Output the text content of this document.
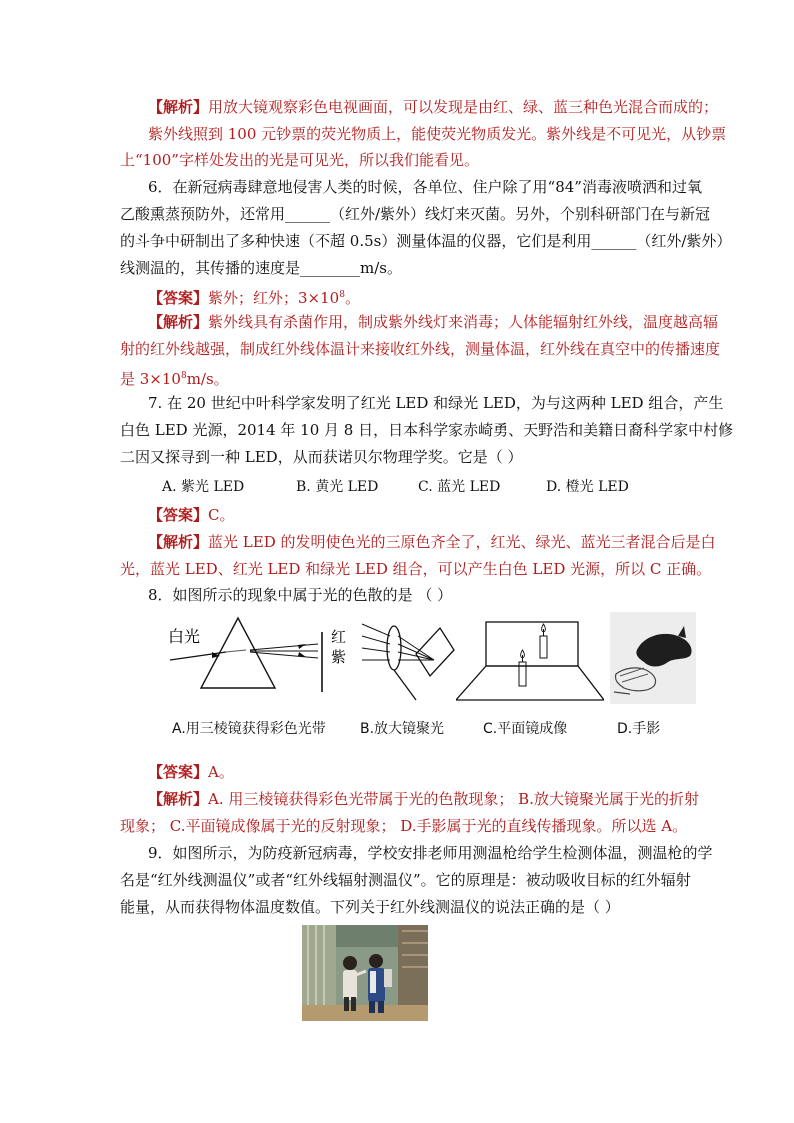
【解析】用放大镜观察彩色电视画面，可以发现是由红、绿、蓝三种色光混合而成的；
紫外线照到 100 元钞票的荧光物质上，能使荧光物质发光。紫外线是不可见光，从钞票
上“100”字样处发出的光是可见光，所以我们能看见。
6．在新冠病毒肆意地侵害人类的时候，各单位、住户除了用“84”消毒液喷洒和过氧
乙酸熏蒸预防外，还常用______（红外/紫外）线灯来灭菌。另外，个别科研部门在与新冠
的斗争中研制出了多种快速（不超 0.5s）测量体温的仪器，它们是利用______（红外/紫外）
线测温的，其传播的速度是________m/s。
【答案】紫外；红外；$3\times 10^8$。
【解析】紫外线具有杀菌作用，制成紫外线灯来消毒；人体能辐射红外线，温度越高辐
射的红外线越强，制成红外线体温计来接收红外线，测量体温，红外线在真空中的传播速度
是 $3\times 10^8m/s$。
7. 在 20 世纪中叶科学家发明了红光 LED 和绿光 LED，为与这两种 LED 组合，产生
白色 LED 光源，2014 年 10 月 8 日，日本科学家赤崎勇、天野浩和美籍日裔科学家中村修
二因又探寻到一种 LED，从而获诺贝尔物理学奖。它是（ ）
A. 紫光 LED	B. 黄光 LED	C. 蓝光 LED	D. 橙光 LED
【答案】C。
【解析】蓝光 LED 的发明使色光的三原色齐全了，红光、绿光、蓝光三者混合后是白
光，蓝光 LED、红光 LED 和绿光 LED 组合，可以产生白色 LED 光源，所以 C 正确。
8．如图所示的现象中属于光的色散的是 （ ）
白光	红
紫
A.用三棱镜获得彩色光带 B.放大镜聚光	C.平面镜成像	D.手影
【答案】A。
【解析】A. 用三棱镜获得彩色光带属于光的色散现象； B.放大镜聚光属于光的折射
现象； C.平面镜成像属于光的反射现象； D.手影属于光的直线传播现象。所以选 A。
9．如图所示，为防疫新冠病毒，学校安排老师用测温枪给学生检测体温，测温枪的学
名是“红外线测温仪”或者“红外线辐射测温仪”。它的原理是：被动吸收目标的红外辐射
能量，从而获得物体温度数值。下列关于红外线测温仪的说法正确的是（ ）
